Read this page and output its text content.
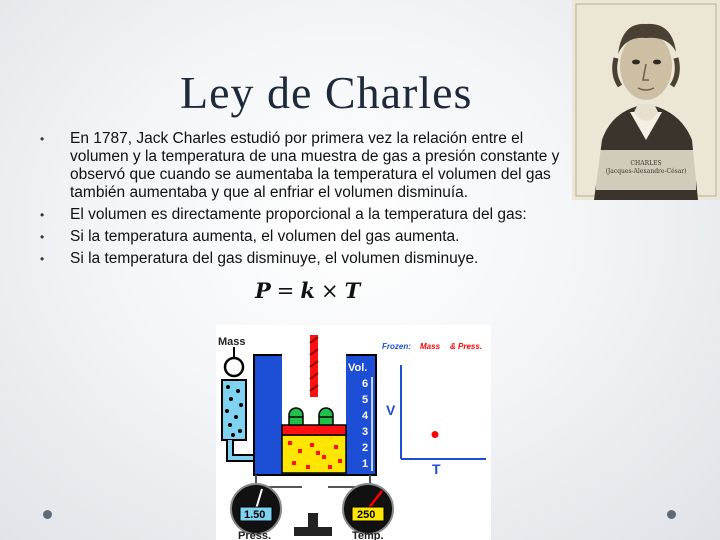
Ley de Charles
CHARLES
(Jacques-Alexandre-César)
• En 1787, Jack Charles estudió por primera vez la relación entre el volumen y la temperatura de una muestra de gas a presión constante y observó que cuando se aumentaba la temperatura el volumen del gas también aumentaba y que al enfriar el volumen disminuía.
• El volumen es directamente proporcional a la temperatura del gas:
• Si la temperatura aumenta, el volumen del gas aumenta.
• Si la temperatura del gas disminuye, el volumen disminuye.
P = k × T
Mass
Vol.
6
5
4
3
2
1
Frozen: Mass & Press.
V
T
1.50
Press.
250
Temp.
